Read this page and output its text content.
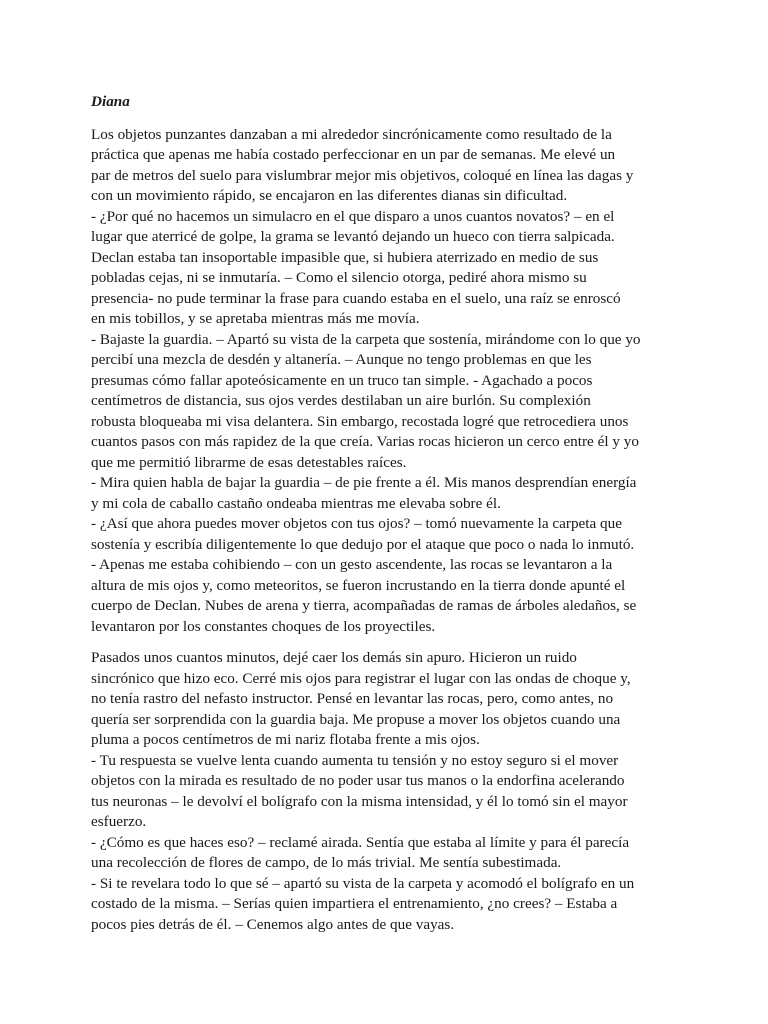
Diana
Los objetos punzantes danzaban a mi alrededor sincrónicamente como resultado de la
práctica que apenas me había costado perfeccionar en un par de semanas. Me elevé un
par de metros del suelo para vislumbrar mejor mis objetivos, coloqué en línea las dagas y
con un movimiento rápido, se encajaron en las diferentes dianas sin dificultad.
- ¿Por qué no hacemos un simulacro en el que disparo a unos cuantos novatos? – en el
lugar que aterricé de golpe, la grama se levantó dejando un hueco con tierra salpicada.
Declan estaba tan insoportable impasible que, si hubiera aterrizado en medio de sus
pobladas cejas, ni se inmutaría. – Como el silencio otorga, pediré ahora mismo su
presencia- no pude terminar la frase para cuando estaba en el suelo, una raíz se enroscó
en mis tobillos, y se apretaba mientras más me movía.
- Bajaste la guardia. – Apartó su vista de la carpeta que sostenía, mirándome con lo que yo
percibí una mezcla de desdén y altanería. – Aunque no tengo problemas en que les
presumas cómo fallar apoteósicamente en un truco tan simple. - Agachado a pocos
centímetros de distancia, sus ojos verdes destilaban un aire burlón. Su complexión
robusta bloqueaba mi visa delantera. Sin embargo, recostada logré que retrocediera unos
cuantos pasos con más rapidez de la que creía. Varias rocas hicieron un cerco entre él y yo
que me permitió librarme de esas detestables raíces.
- Mira quien habla de bajar la guardia – de pie frente a él. Mis manos desprendían energía
y mi cola de caballo castaño ondeaba mientras me elevaba sobre él.
- ¿Así que ahora puedes mover objetos con tus ojos? – tomó nuevamente la carpeta que
sostenía y escribía diligentemente lo que dedujo por el ataque que poco o nada lo inmutó.
- Apenas me estaba cohibiendo – con un gesto ascendente, las rocas se levantaron a la
altura de mis ojos y, como meteoritos, se fueron incrustando en la tierra donde apunté el
cuerpo de Declan. Nubes de arena y tierra, acompañadas de ramas de árboles aledaños, se
levantaron por los constantes choques de los proyectiles.
Pasados unos cuantos minutos, dejé caer los demás sin apuro. Hicieron un ruido
sincrónico que hizo eco. Cerré mis ojos para registrar el lugar con las ondas de choque y,
no tenía rastro del nefasto instructor. Pensé en levantar las rocas, pero, como antes, no
quería ser sorprendida con la guardia baja. Me propuse a mover los objetos cuando una
pluma a pocos centímetros de mi nariz flotaba frente a mis ojos.
- Tu respuesta se vuelve lenta cuando aumenta tu tensión y no estoy seguro si el mover
objetos con la mirada es resultado de no poder usar tus manos o la endorfina acelerando
tus neuronas – le devolví el bolígrafo con la misma intensidad, y él lo tomó sin el mayor
esfuerzo.
- ¿Cómo es que haces eso? – reclamé airada. Sentía que estaba al límite y para él parecía
una recolección de flores de campo, de lo más trivial. Me sentía subestimada.
- Si te revelara todo lo que sé – apartó su vista de la carpeta y acomodó el bolígrafo en un
costado de la misma. – Serías quien impartiera el entrenamiento, ¿no crees? – Estaba a
pocos pies detrás de él. – Cenemos algo antes de que vayas.
